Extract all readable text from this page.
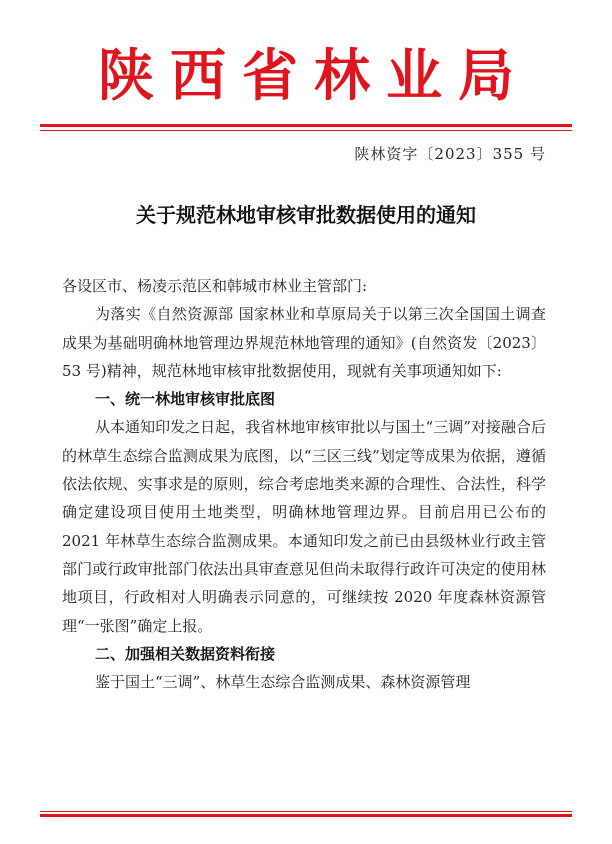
陕西省林业局
陕林资字〔2023〕355 号
关于规范林地审核审批数据使用的通知

各设区市、杨凌示范区和韩城市林业主管部门:

为落实《自然资源部 国家林业和草原局关于以第三次全国国土调查成果为基础明确林地管理边界规范林地管理的通知》(自然资发〔2023〕53 号)精神，规范林地审核审批数据使用，现就有关事项通知如下:

一、统一林地审核审批底图

从本通知印发之日起，我省林地审核审批以与国土“三调”对接融合后的林草生态综合监测成果为底图，以“三区三线”划定等成果为依据，遵循依法依规、实事求是的原则，综合考虑地类来源的合理性、合法性，科学确定建设项目使用土地类型，明确林地管理边界。目前启用已公布的 2021 年林草生态综合监测成果。本通知印发之前已由县级林业行政主管部门或行政审批部门依法出具审查意见但尚未取得行政许可决定的使用林地项目，行政相对人明确表示同意的，可继续按 2020 年度森林资源管理“一张图”确定上报。

二、加强相关数据资料衔接

鉴于国土“三调”、林草生态综合监测成果、森林资源管理
